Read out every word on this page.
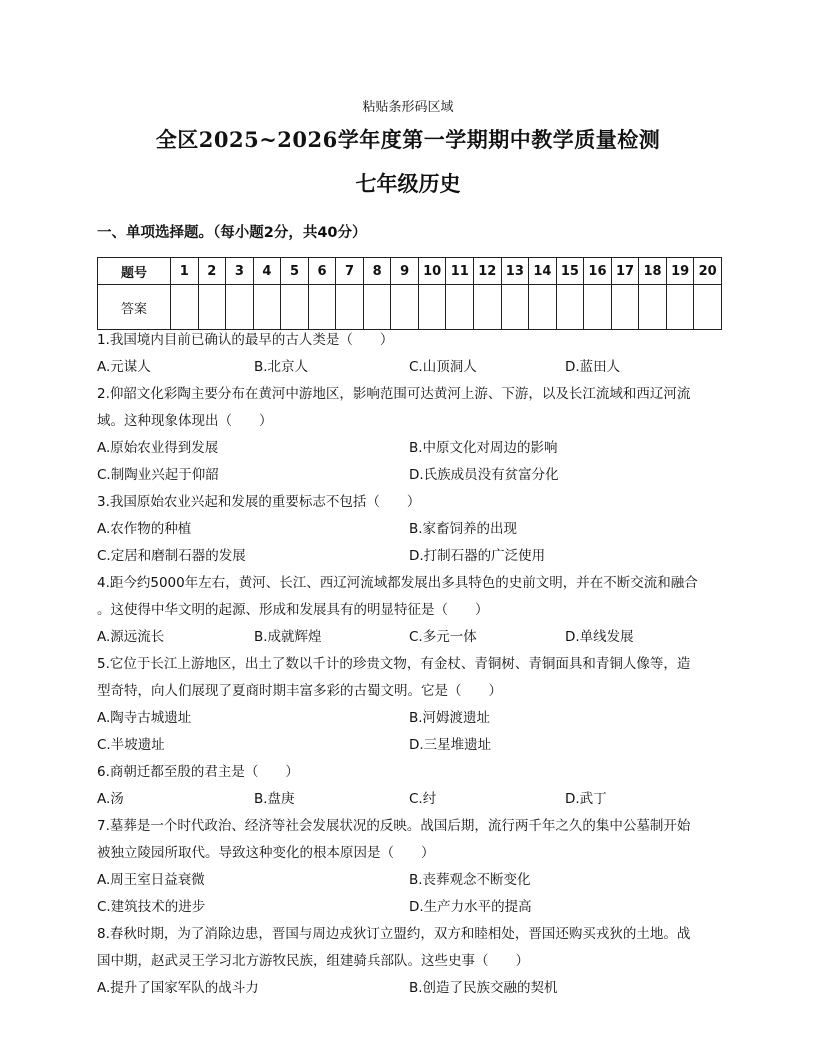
粘贴条形码区域
全区2025~2026学年度第一学期期中教学质量检测
七年级历史
一、单项选择题。（每小题2分，共40分）
题号	1	2	3	4	5	6	7	8	9	10	11	12	13	14	15	16	17	18	19	20
答案																				
1.我国境内目前已确认的最早的古人类是（　　）
A.元谋人	B.北京人	C.山顶洞人	D.蓝田人
2.仰韶文化彩陶主要分布在黄河中游地区，影响范围可达黄河上游、下游，以及长江流域和西辽河流
域。这种现象体现出（　　）
A.原始农业得到发展	B.中原文化对周边的影响
C.制陶业兴起于仰韶	D.氏族成员没有贫富分化
3.我国原始农业兴起和发展的重要标志不包括（　　）
A.农作物的种植	B.家畜饲养的出现
C.定居和磨制石器的发展	D.打制石器的广泛使用
4.距今约5000年左右，黄河、长江、西辽河流域都发展出多具特色的史前文明，并在不断交流和融合
。这使得中华文明的起源、形成和发展具有的明显特征是（　　）
A.源远流长	B.成就辉煌	C.多元一体	D.单线发展
5.它位于长江上游地区，出土了数以千计的珍贵文物，有金杖、青铜树、青铜面具和青铜人像等，造
型奇特，向人们展现了夏商时期丰富多彩的古蜀文明。它是（　　）
A.陶寺古城遗址	B.河姆渡遗址
C.半坡遗址	D.三星堆遗址
6.商朝迁都至殷的君主是（　　）
A.汤	B.盘庚	C.纣	D.武丁
7.墓葬是一个时代政治、经济等社会发展状况的反映。战国后期，流行两千年之久的集中公墓制开始
被独立陵园所取代。导致这种变化的根本原因是（　　）
A.周王室日益衰微	B.丧葬观念不断变化
C.建筑技术的进步	D.生产力水平的提高
8.春秋时期，为了消除边患，晋国与周边戎狄订立盟约，双方和睦相处，晋国还购买戎狄的土地。战
国中期，赵武灵王学习北方游牧民族，组建骑兵部队。这些史事（　　）
A.提升了国家军队的战斗力	B.创造了民族交融的契机
